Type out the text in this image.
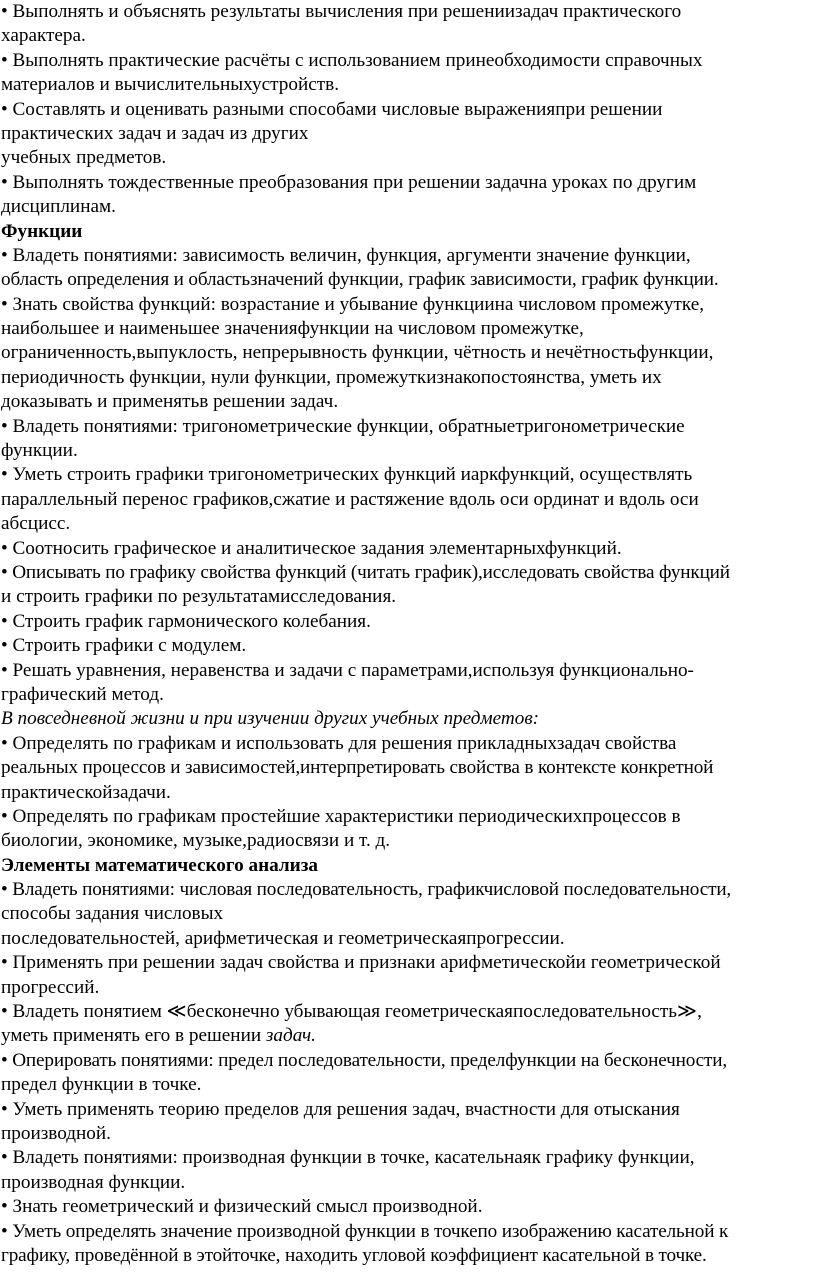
• Выполнять и объяснять результаты вычисления при решениизадач практического
характера.
• Выполнять практические расчёты с использованием принеобходимости справочных
материалов и вычислительныхустройств.
• Составлять и оценивать разными способами числовые выраженияпри решении
практических задач и задач из других
учебных предметов.
• Выполнять тождественные преобразования при решении задачна уроках по другим
дисциплинам.
Функции
• Владеть понятиями: зависимость величин, функция, аргументи значение функции,
область определения и областьзначений функции, график зависимости, график функции.
• Знать свойства функций: возрастание и убывание функциина числовом промежутке,
наибольшее и наименьшее значенияфункции на числовом промежутке,
ограниченность,выпуклость, непрерывность функции, чётность и нечётностьфункции,
периодичность функции, нули функции, промежуткизнакопостоянства, уметь их
доказывать и применятьв решении задач.
• Владеть понятиями: тригонометрические функции, обратныетригонометрические
функции.
• Уметь строить графики тригонометрических функций иаркфункций, осуществлять
параллельный перенос графиков,сжатие и растяжение вдоль оси ординат и вдоль оси
абсцисс.
• Соотносить графическое и аналитическое задания элементарныхфункций.
• Описывать по графику свойства функций (читать график),исследовать свойства функций
и строить графики по результатамисследования.
• Строить график гармонического колебания.
• Строить графики с модулем.
• Решать уравнения, неравенства и задачи с параметрами,используя функционально-
графический метод.
В повседневной жизни и при изучении других учебных предметов:
• Определять по графикам и использовать для решения прикладныхзадач свойства
реальных процессов и зависимостей,интерпретировать свойства в контексте конкретной
практическойзадачи.
• Определять по графикам простейшие характеристики периодическихпроцессов в
биологии, экономике, музыке,радиосвязи и т. д.
Элементы математического анализа
• Владеть понятиями: числовая последовательность, графикчисловой последовательности,
способы задания числовых
последовательностей, арифметическая и геометрическаяпрогрессии.
• Применять при решении задач свойства и признаки арифметическойи геометрической
прогрессий.
• Владеть понятием ≪бесконечно убывающая геометрическаяпоследовательность≫,
уметь применять его в решении задач.
• Оперировать понятиями: предел последовательности, пределфункции на бесконечности,
предел функции в точке.
• Уметь применять теорию пределов для решения задач, вчастности для отыскания
производной.
• Владеть понятиями: производная функции в точке, касательнаяк графику функции,
производная функции.
• Знать геометрический и физический смысл производной.
• Уметь определять значение производной функции в точкепо изображению касательной к
графику, проведённой в этойточке, находить угловой коэффициент касательной в точке.
